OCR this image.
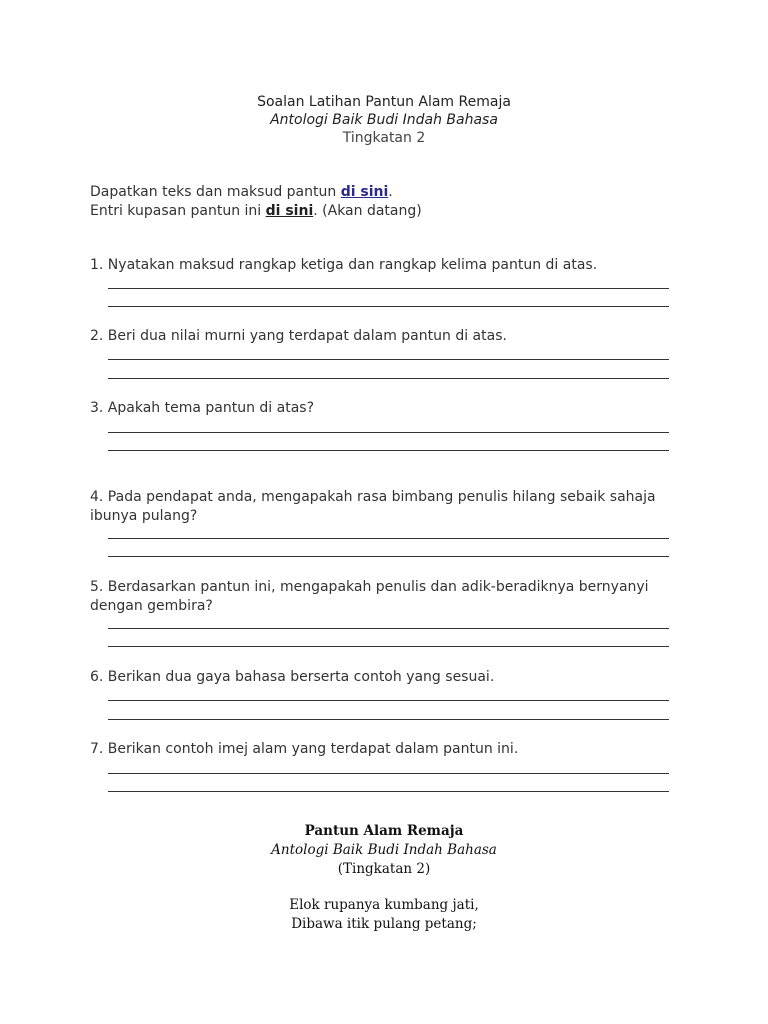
Soalan Latihan Pantun Alam Remaja
Antologi Baik Budi Indah Bahasa
Tingkatan 2
Dapatkan teks dan maksud pantun di sini.
Entri kupasan pantun ini di sini. (Akan datang)
1. Nyatakan maksud rangkap ketiga dan rangkap kelima pantun di atas.
2. Beri dua nilai murni yang terdapat dalam pantun di atas.
3. Apakah tema pantun di atas?
4. Pada pendapat anda, mengapakah rasa bimbang penulis hilang sebaik sahaja ibunya pulang?
5. Berdasarkan pantun ini, mengapakah penulis dan adik-beradiknya bernyanyi dengan gembira?
6. Berikan dua gaya bahasa berserta contoh yang sesuai.
7. Berikan contoh imej alam yang terdapat dalam pantun ini.
Pantun Alam Remaja
Antologi Baik Budi Indah Bahasa
(Tingkatan 2)
Elok rupanya kumbang jati,
Dibawa itik pulang petang;
